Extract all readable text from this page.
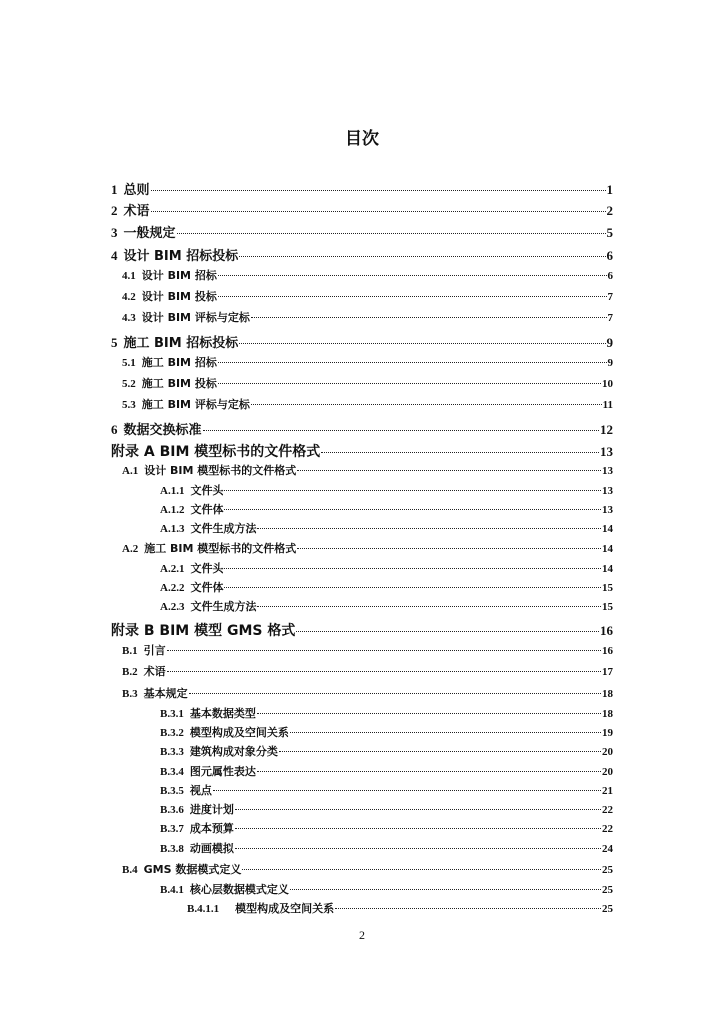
目次
1 总则	1
2 术语	2
3 一般规定	5
4 设计 BIM 招标投标	6
4.1 设计 BIM 招标	6
4.2 设计 BIM 投标	7
4.3 设计 BIM 评标与定标	7
5 施工 BIM 招标投标	9
5.1 施工 BIM 招标	9
5.2 施工 BIM 投标	10
5.3 施工 BIM 评标与定标	11
6 数据交换标准	12
附录 A BIM 模型标书的文件格式	13
A.1 设计 BIM 模型标书的文件格式	13
A.1.1 文件头	13
A.1.2 文件体	13
A.1.3 文件生成方法	14
A.2 施工 BIM 模型标书的文件格式	14
A.2.1 文件头	14
A.2.2 文件体	15
A.2.3 文件生成方法	15
附录 B BIM 模型 GMS 格式	16
B.1 引言	16
B.2 术语	17
B.3 基本规定	18
B.3.1 基本数据类型	18
B.3.2 模型构成及空间关系	19
B.3.3 建筑构成对象分类	20
B.3.4 图元属性表达	20
B.3.5 视点	21
B.3.6 进度计划	22
B.3.7 成本预算	22
B.3.8 动画模拟	24
B.4 GMS 数据模式定义	25
B.4.1 核心层数据模式定义	25
B.4.1.1 模型构成及空间关系	25
2
